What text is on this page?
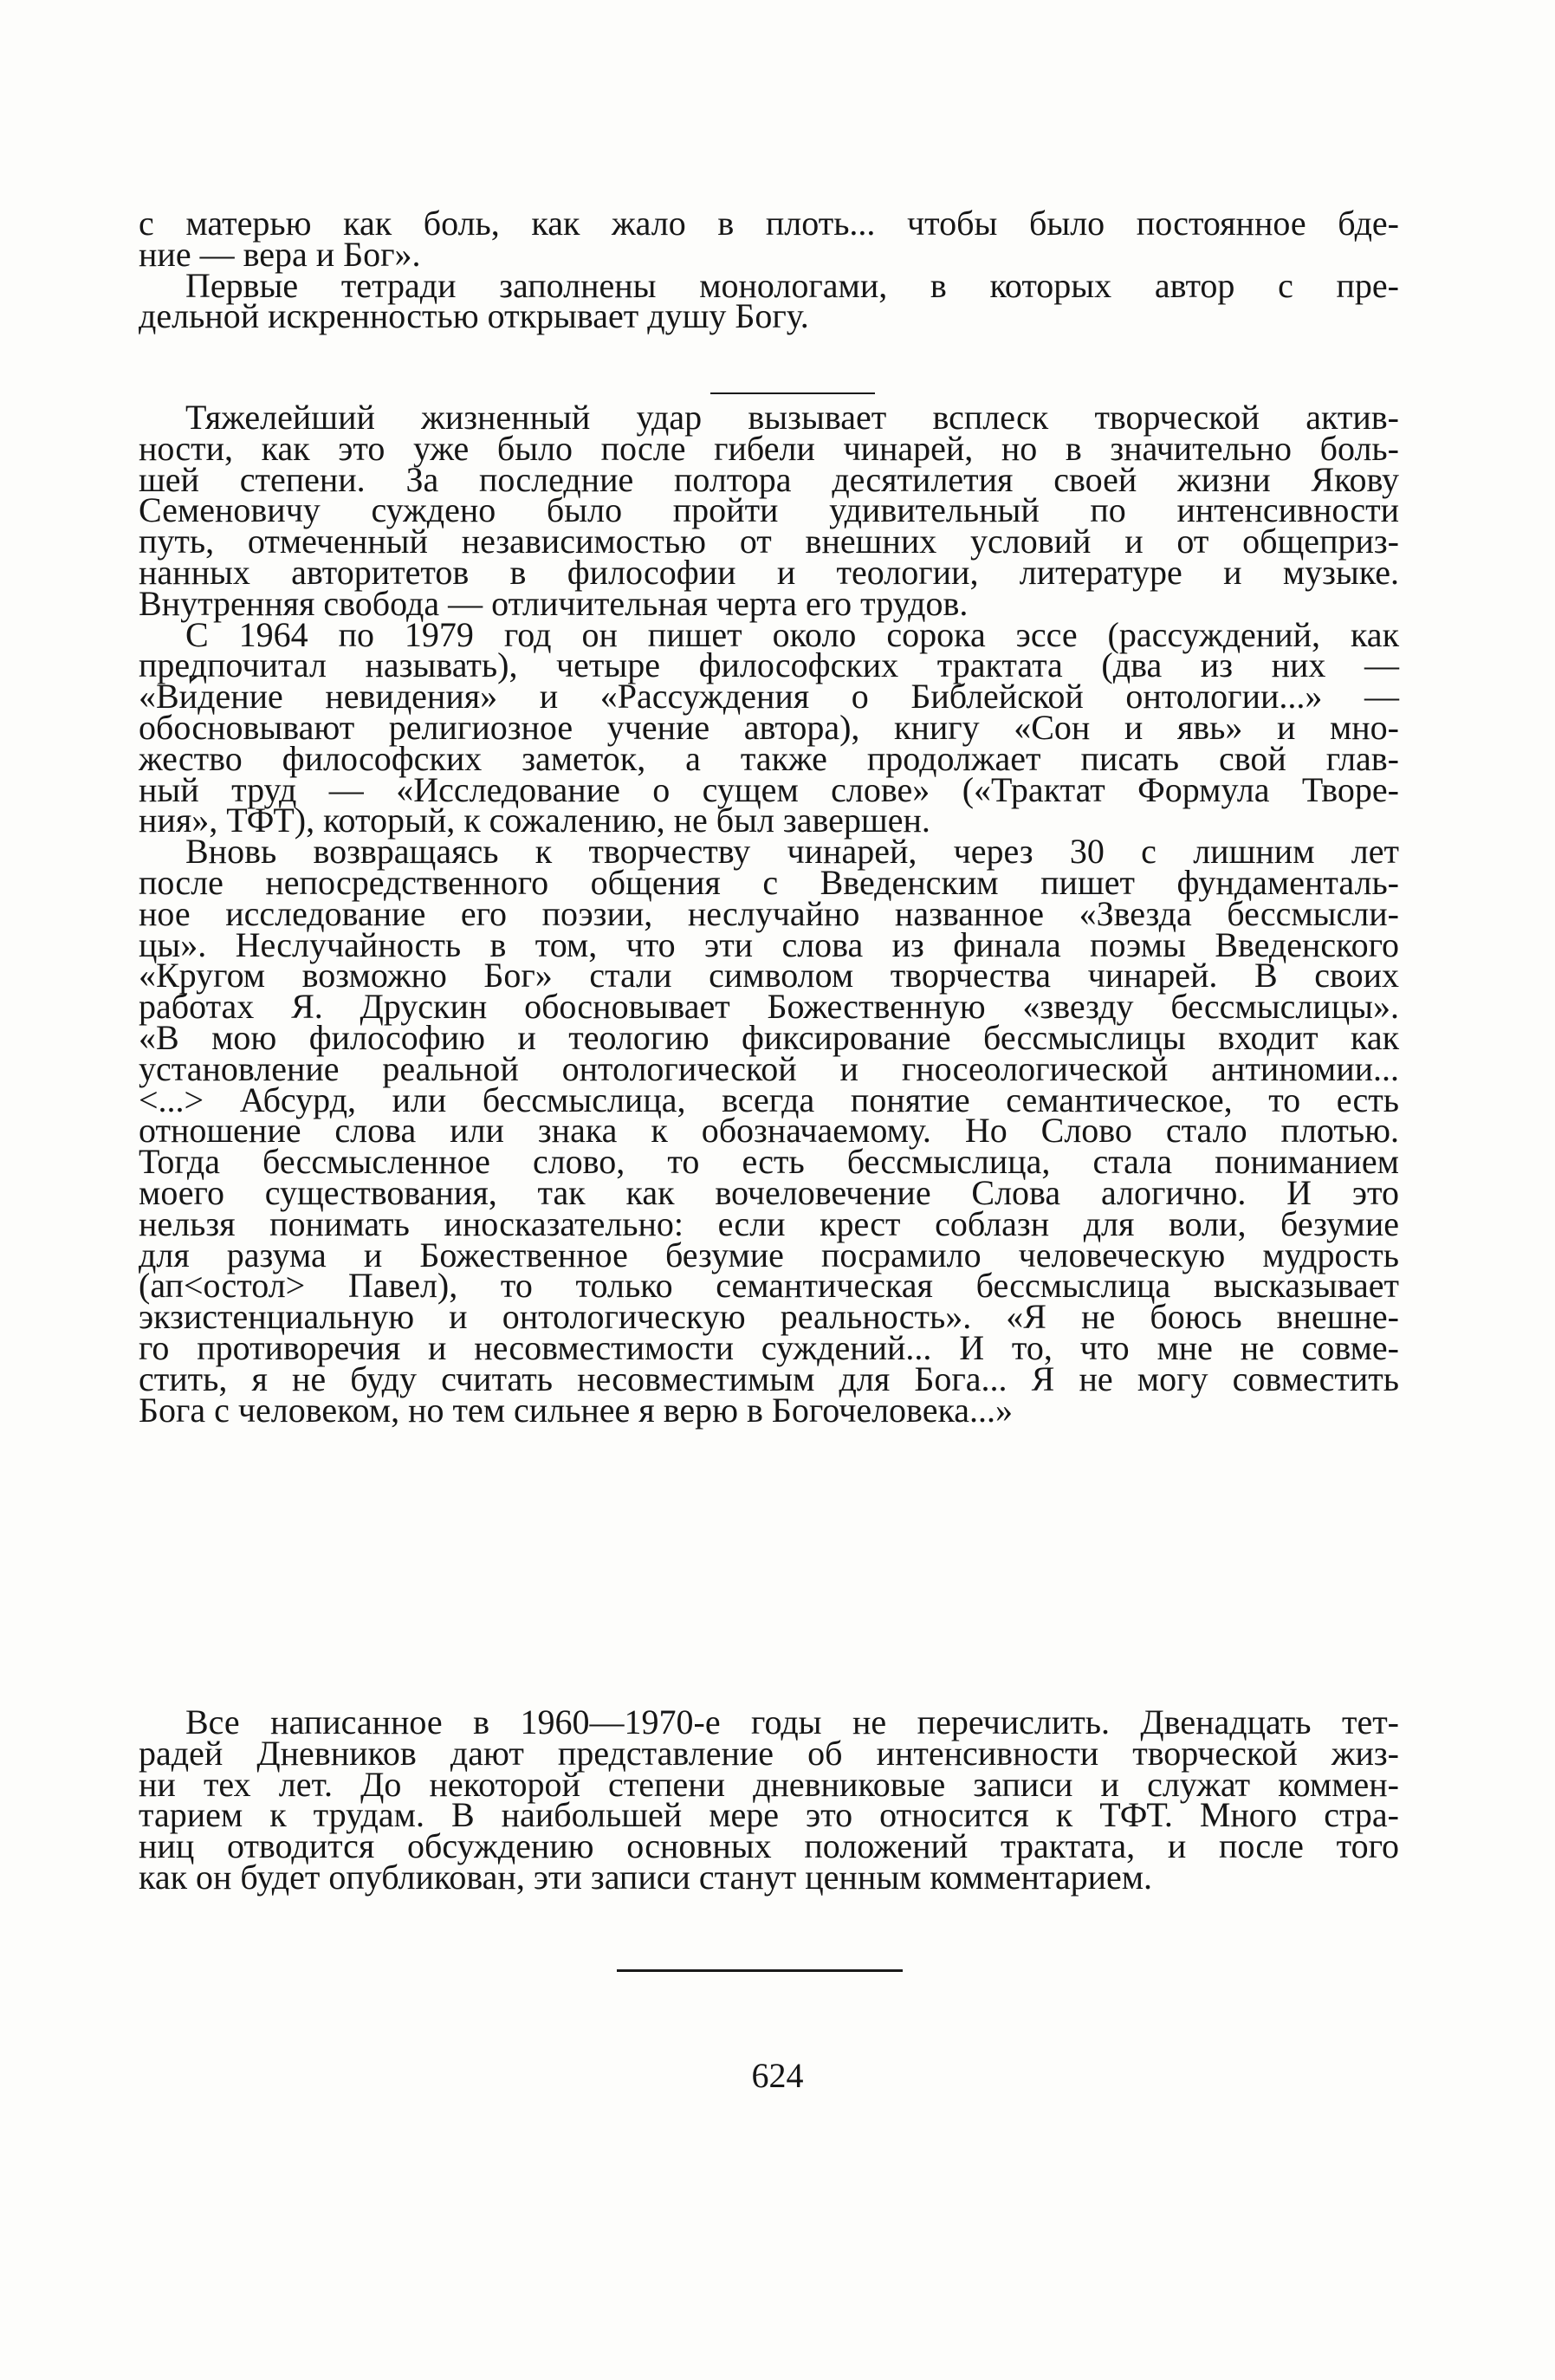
с матерью как боль, как жало в плоть... чтобы было постоянное бде-
ние — вера и Бог».
Первые тетради заполнены монологами, в которых автор с пре-
дельной искренностью открывает душу Богу.
Тяжелейший жизненный удар вызывает всплеск творческой актив-
ности, как это уже было после гибели чинарей, но в значительно боль-
шей степени. За последние полтора десятилетия своей жизни Якову
Семеновичу суждено было пройти удивительный по интенсивности
путь, отмеченный независимостью от внешних условий и от общеприз-
нанных авторитетов в философии и теологии, литературе и музыке.
Внутренняя свобода — отличительная черта его трудов.
С 1964 по 1979 год он пишет около сорока эссе (рассуждений, как
предпочитал называть), четыре философских трактата (два из них —
«Ви́дение невидения» и «Рассуждения о Библейской онтологии...» —
обосновывают религиозное учение автора), книгу «Сон и явь» и мно-
жество философских заметок, а также продолжает писать свой глав-
ный труд — «Исследование о сущем слове» («Трактат Формула Творе-
ния», ТФТ), который, к сожалению, не был завершен.
Вновь возвращаясь к творчеству чинарей, через 30 с лишним лет
после непосредственного общения с Введенским пишет фундаменталь-
ное исследование его поэзии, неслучайно названное «Звезда бессмысли-
цы». Неслучайность в том, что эти слова из финала поэмы Введенского
«Кругом возможно Бог» стали символом творчества чинарей. В своих
работах Я. Друскин обосновывает Божественную «звезду бессмыслицы».
«В мою философию и теологию фиксирование бессмыслицы входит как
установление реальной онтологической и гносеологической антиномии...
<...> Абсурд, или бессмыслица, всегда понятие семантическое, то есть
отношение слова или знака к обозначаемому. Но Слово стало плотью.
Тогда бессмысленное слово, то есть бессмыслица, стала пониманием
моего существования, так как вочеловечение Слова алогично. И это
нельзя понимать иносказательно: если крест соблазн для воли, безумие
для разума и Божественное безумие посрамило человеческую мудрость
(ап<остол> Павел), то только семантическая бессмыслица высказывает
экзистенциальную и онтологическую реальность». «Я не боюсь внешне-
го противоречия и несовместимости суждений... И то, что мне не совме-
стить, я не буду считать несовместимым для Бога... Я не могу совместить
Бога с человеком, но тем сильнее я верю в Богочеловека...»
Все написанное в 1960—1970-е годы не перечислить. Двенадцать тет-
радей Дневников дают представление об интенсивности творческой жиз-
ни тех лет. До некоторой степени дневниковые записи и служат коммен-
тарием к трудам. В наибольшей мере это относится к ТФТ. Много стра-
ниц отводится обсуждению основных положений трактата, и после того
как он будет опубликован, эти записи станут ценным комментарием.
624
